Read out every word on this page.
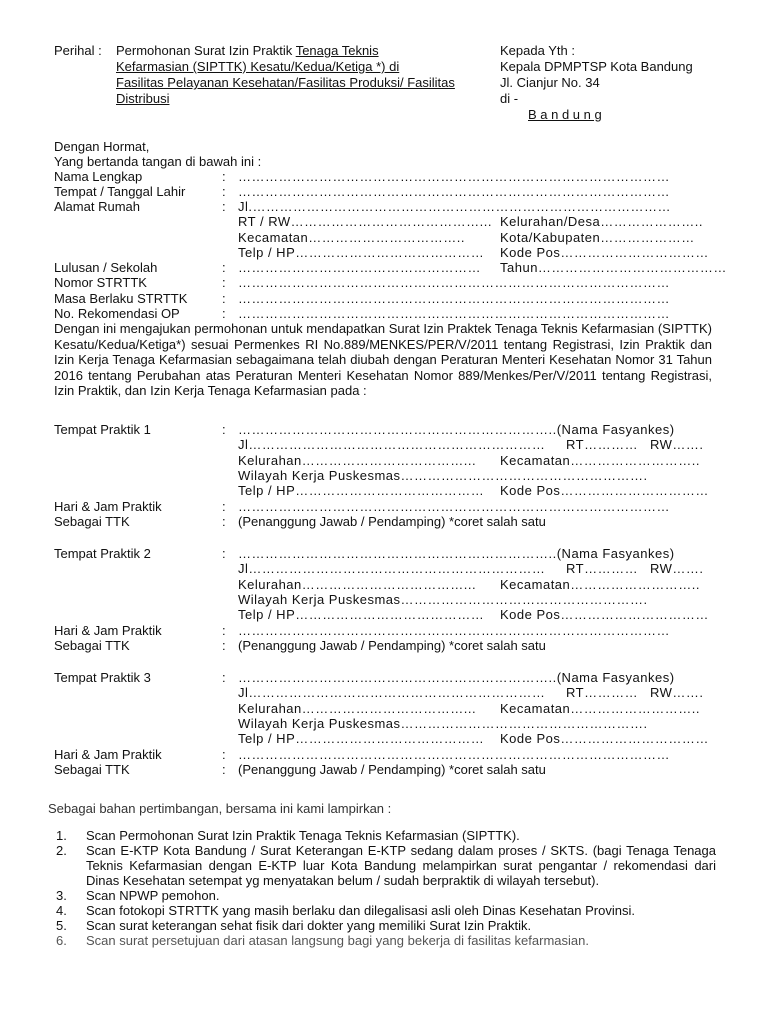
Perihal : Permohonan Surat Izin Praktik Tenaga Teknis
Kefarmasian (SIPTTK) Kesatu/Kedua/Ketiga *) di
Fasilitas Pelayanan Kesehatan/Fasilitas Produksi/ Fasilitas
Distribusi
Kepada Yth :
Kepala DPMPTSP Kota Bandung
Jl. Cianjur No. 34
di -
B a n d u n g
Dengan Hormat,
Yang bertanda tangan di bawah ini :
Nama Lengkap	: ……………………………………………………………………………………
Tempat / Tanggal Lahir	: ……………………………………………………………………………………
Alamat Rumah	: Jl.…………………………………………………………………………………
RT / RW……………………………………... Kelurahan/Desa…………………..
Kecamatan……………………………..	Kota/Kabupaten…………………
Telp / HP…………………………………… Kode Pos……………………………
Lulusan / Sekolah	: ……………………………………………… Tahun……………………………………
Nomor STRTTK	: ……………………………………………………………………………………
Masa Berlaku STRTTK	: ……………………………………………………………………………………
No. Rekomendasi OP	: ……………………………………………………………………………………

Dengan ini mengajukan permohonan untuk mendapatkan Surat Izin Praktek Tenaga Teknis Kefarmasian (SIPTTK) Kesatu/Kedua/Ketiga*) sesuai Permenkes RI No.889/MENKES/PER/V/2011 tentang Registrasi, Izin Praktik dan Izin Kerja Tenaga Kefarmasian sebagaimana telah diubah dengan Peraturan Menteri Kesehatan Nomor 31 Tahun 2016 tentang Perubahan atas Peraturan Menteri Kesehatan Nomor 889/Menkes/Per/V/2011 tentang Registrasi, Izin Praktik, dan Izin Kerja Tenaga Kefarmasian pada :

Tempat Praktik 1	: ……………………………………………………………..(Nama Fasyankes)
Jl………………………………………………………… RT………… RW…….
Kelurahan………………………………... Kecamatan………………………..
Wilayah Kerja Puskesmas……………………………………………….
Telp / HP…………………………………… Kode Pos……………………………
Hari & Jam Praktik	: ……………………………………………………………………………………
Sebagai TTK	: (Penanggung Jawab / Pendamping) *coret salah satu
Tempat Praktik 2	: ……………………………………………………………..(Nama Fasyankes)
Jl………………………………………………………… RT………… RW…….
Kelurahan………………………………... Kecamatan………………………..
Wilayah Kerja Puskesmas……………………………………………….
Telp / HP…………………………………… Kode Pos……………………………
Hari & Jam Praktik	: ……………………………………………………………………………………
Sebagai TTK	: (Penanggung Jawab / Pendamping) *coret salah satu
Tempat Praktik 3	: ……………………………………………………………..(Nama Fasyankes)
Jl………………………………………………………… RT………… RW…….
Kelurahan………………………………... Kecamatan………………………..
Wilayah Kerja Puskesmas……………………………………………….
Telp / HP…………………………………… Kode Pos……………………………
Hari & Jam Praktik	: ……………………………………………………………………………………
Sebagai TTK	: (Penanggung Jawab / Pendamping) *coret salah satu
Sebagai bahan pertimbangan, bersama ini kami lampirkan :
1.	Scan Permohonan Surat Izin Praktik Tenaga Teknis Kefarmasian (SIPTTK).
2.	Scan E-KTP Kota Bandung / Surat Keterangan E-KTP sedang dalam proses / SKTS. (bagi Tenaga Tenaga Teknis Kefarmasian dengan E-KTP luar Kota Bandung melampirkan surat pengantar / rekomendasi dari Dinas Kesehatan setempat yg menyatakan belum / sudah berpraktik di wilayah tersebut).
3.	Scan NPWP pemohon.
4.	Scan fotokopi STRTTK yang masih berlaku dan dilegalisasi asli oleh Dinas Kesehatan Provinsi.
5.	Scan surat keterangan sehat fisik dari dokter yang memiliki Surat Izin Praktik.
6.	Scan surat persetujuan dari atasan langsung bagi yang bekerja di fasilitas kefarmasian.
